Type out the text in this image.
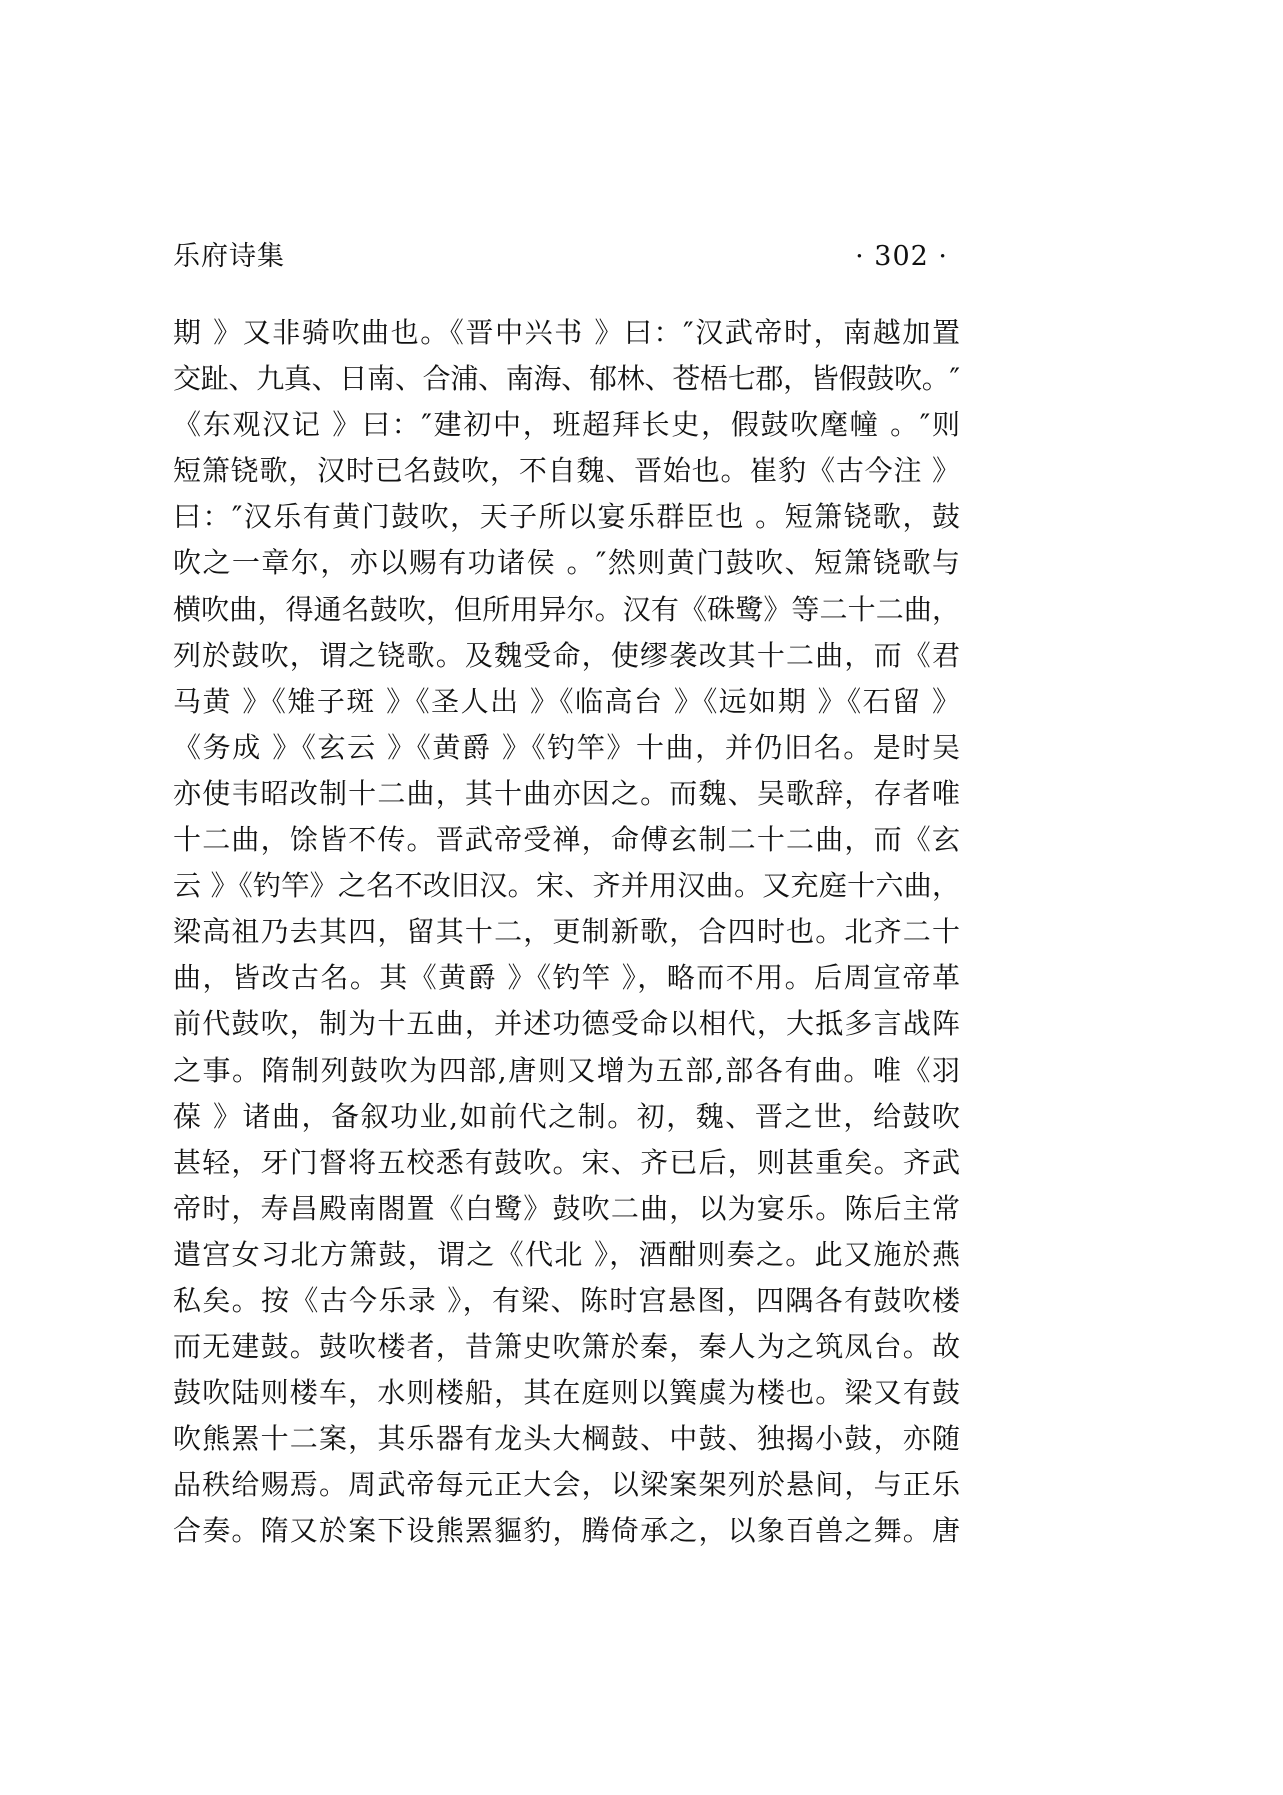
乐府诗集	· 302 ·
期 》又非骑吹曲也。《晋中兴书 》曰：″汉武帝时，南越加置
交趾、九真、日南、合浦、南海、郁林、苍梧七郡，皆假鼓吹。″
《东观汉记 》曰：″建初中，班超拜长史，假鼓吹麾幢 。″则
短箫铙歌，汉时已名鼓吹，不自魏、晋始也。崔豹《古今注 》
曰：″汉乐有黄门鼓吹，天子所以宴乐群臣也 。短箫铙歌，鼓
吹之一章尔，亦以赐有功诸侯 。″然则黄门鼓吹、短箫铙歌与
横吹曲，得通名鼓吹，但所用异尔。汉有《硃鹭》等二十二曲，
列於鼓吹，谓之铙歌。及魏受命，使缪袭改其十二曲，而《君
马黄 》《雉子斑 》《圣人出 》《临高台 》《远如期 》《石留 》
《务成 》《玄云 》《黄爵 》《钓竿》十曲，并仍旧名。是时吴
亦使韦昭改制十二曲，其十曲亦因之。而魏、吴歌辞，存者唯
十二曲，馀皆不传。晋武帝受禅，命傅玄制二十二曲，而《玄
云 》《钓竿》之名不改旧汉。宋、齐并用汉曲。又充庭十六曲，
梁高祖乃去其四，留其十二，更制新歌，合四时也。北齐二十
曲，皆改古名。其《黄爵 》《钓竿 》，略而不用。后周宣帝革
前代鼓吹，制为十五曲，并述功德受命以相代，大抵多言战阵
之事。隋制列鼓吹为四部,唐则又增为五部,部各有曲。唯《羽
葆 》诸曲，备叙功业,如前代之制。初，魏、晋之世，给鼓吹
甚轻，牙门督将五校悉有鼓吹。宋、齐已后，则甚重矣。齐武
帝时，寿昌殿南閤置《白鹭》鼓吹二曲，以为宴乐。陈后主常
遣宫女习北方箫鼓，谓之《代北 》，酒酣则奏之。此又施於燕
私矣。按《古今乐录 》，有梁、陈时宫悬图，四隅各有鼓吹楼
而无建鼓。鼓吹楼者，昔箫史吹箫於秦，秦人为之筑凤台。故
鼓吹陆则楼车，水则楼船，其在庭则以簨虡为楼也。梁又有鼓
吹熊罴十二案，其乐器有龙头大棡鼓、中鼓、独揭小鼓，亦随
品秩给赐焉。周武帝每元正大会，以梁案架列於悬间，与正乐
合奏。隋又於案下设熊罴貙豹，腾倚承之，以象百兽之舞。唐
